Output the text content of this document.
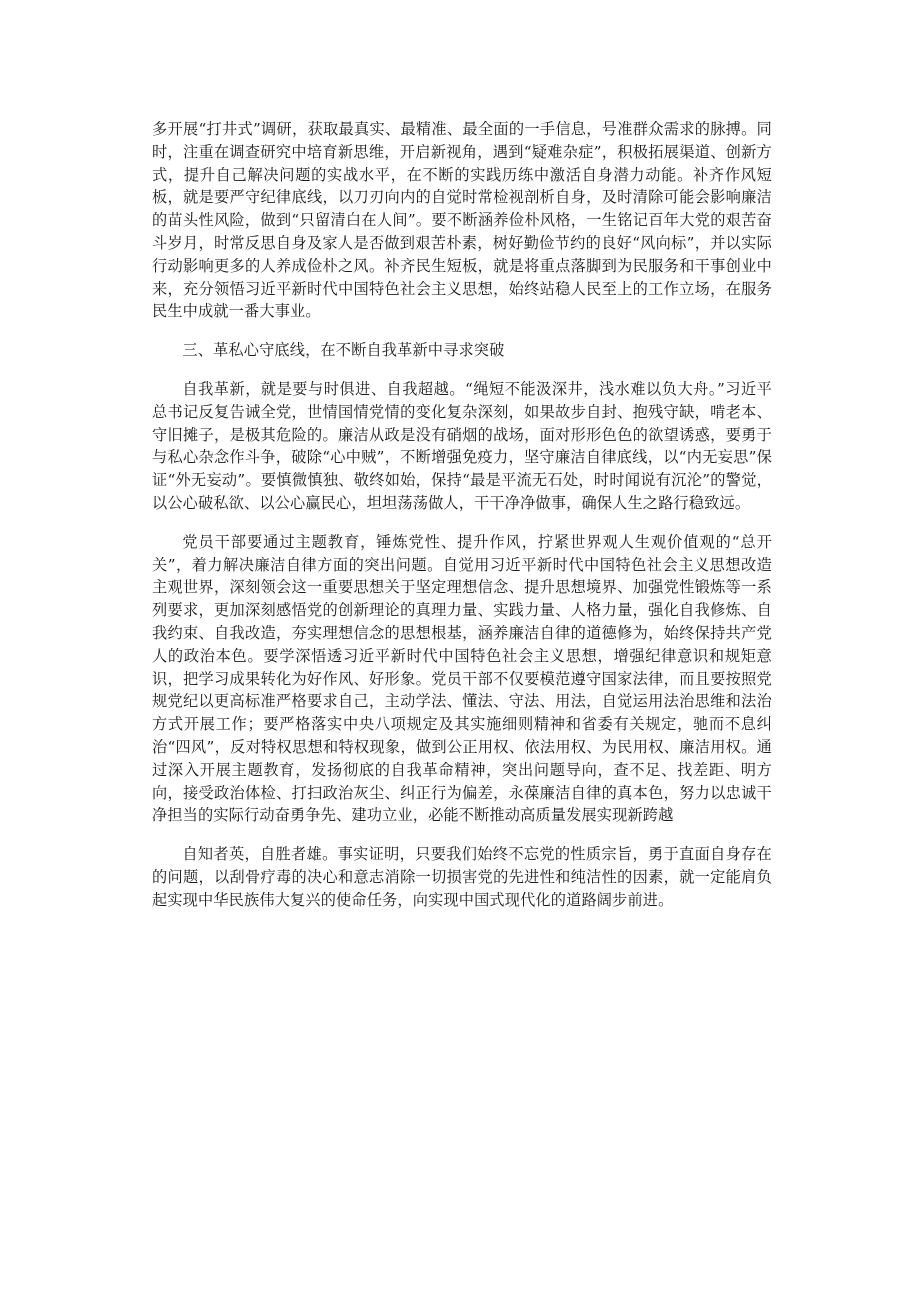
多开展“打井式”调研，获取最真实、最精准、最全面的一手信息，号准群众需求的脉搏。同时，注重在调查研究中培育新思维，开启新视角，遇到“疑难杂症”，积极拓展渠道、创新方式，提升自己解决问题的实战水平，在不断的实践历练中激活自身潜力动能。补齐作风短板，就是要严守纪律底线，以刀刃向内的自觉时常检视剖析自身，及时清除可能会影响廉洁的苗头性风险，做到“只留清白在人间”。要不断涵养俭朴风格，一生铭记百年大党的艰苦奋斗岁月，时常反思自身及家人是否做到艰苦朴素，树好勤俭节约的良好“风向标”，并以实际行动影响更多的人养成俭朴之风。补齐民生短板，就是将重点落脚到为民服务和干事创业中来，充分领悟习近平新时代中国特色社会主义思想，始终站稳人民至上的工作立场，在服务民生中成就一番大事业。

三、革私心守底线，在不断自我革新中寻求突破

自我革新，就是要与时俱进、自我超越。“绳短不能汲深井，浅水难以负大舟。”习近平总书记反复告诫全党，世情国情党情的变化复杂深刻，如果故步自封、抱残守缺，啃老本、守旧摊子，是极其危险的。廉洁从政是没有硝烟的战场，面对形形色色的欲望诱惑，要勇于与私心杂念作斗争，破除“心中贼”，不断增强免疫力，坚守廉洁自律底线，以“内无妄思”保证“外无妄动”。要慎微慎独、敬终如始，保持“最是平流无石处，时时闻说有沉沦”的警觉，以公心破私欲、以公心赢民心，坦坦荡荡做人，干干净净做事，确保人生之路行稳致远。

党员干部要通过主题教育，锤炼党性、提升作风，拧紧世界观人生观价值观的“总开关”，着力解决廉洁自律方面的突出问题。自觉用习近平新时代中国特色社会主义思想改造主观世界，深刻领会这一重要思想关于坚定理想信念、提升思想境界、加强党性锻炼等一系列要求，更加深刻感悟党的创新理论的真理力量、实践力量、人格力量，强化自我修炼、自我约束、自我改造，夯实理想信念的思想根基，涵养廉洁自律的道德修为，始终保持共产党人的政治本色。要学深悟透习近平新时代中国特色社会主义思想，增强纪律意识和规矩意识，把学习成果转化为好作风、好形象。党员干部不仅要模范遵守国家法律，而且要按照党规党纪以更高标准严格要求自己，主动学法、懂法、守法、用法，自觉运用法治思维和法治方式开展工作；要严格落实中央八项规定及其实施细则精神和省委有关规定，驰而不息纠治“四风”，反对特权思想和特权现象，做到公正用权、依法用权、为民用权、廉洁用权。通过深入开展主题教育，发扬彻底的自我革命精神，突出问题导向，查不足、找差距、明方向，接受政治体检、打扫政治灰尘、纠正行为偏差，永葆廉洁自律的真本色，努力以忠诚干净担当的实际行动奋勇争先、建功立业，必能不断推动高质量发展实现新跨越

自知者英，自胜者雄。事实证明，只要我们始终不忘党的性质宗旨，勇于直面自身存在的问题，以刮骨疗毒的决心和意志消除一切损害党的先进性和纯洁性的因素，就一定能肩负起实现中华民族伟大复兴的使命任务，向实现中国式现代化的道路阔步前进。
